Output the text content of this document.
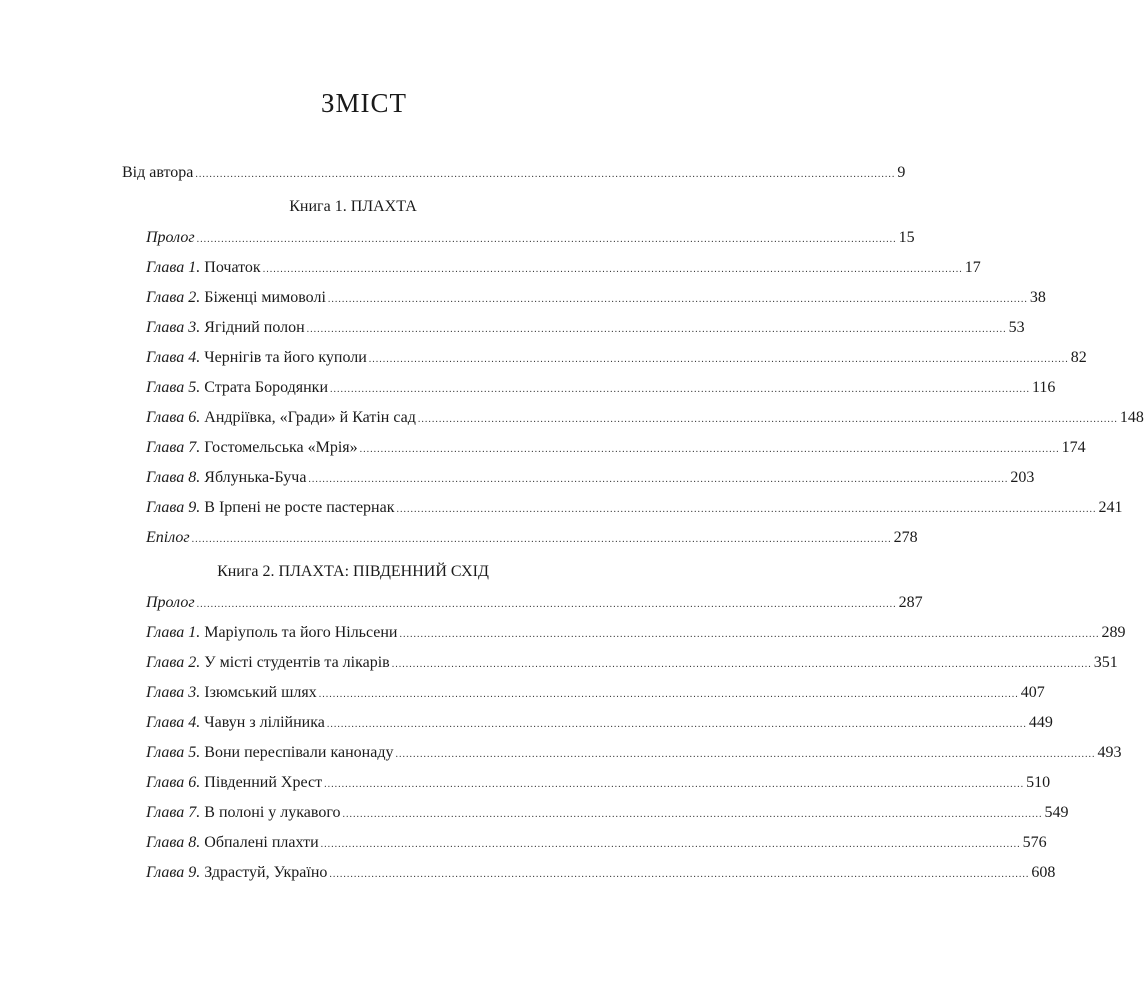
ЗМІСТ
Від автора ........................................................................................................................................................................................................ 9
Книга 1. ПЛАХТА
Пролог ........................................................................................................................................................................................................ 15
Глава 1. Початок ........................................................................................................................................................................................................ 17
Глава 2. Біженці мимоволі ........................................................................................................................................................................................................ 38
Глава 3. Ягідний полон ........................................................................................................................................................................................................ 53
Глава 4. Чернігів та його куполи ........................................................................................................................................................................................................ 82
Глава 5. Страта Бородянки ........................................................................................................................................................................................................ 116
Глава 6. Андріївка, «Гради» й Катін сад ........................................................................................................................................................................................................ 148
Глава 7. Гостомельська «Мрія» ........................................................................................................................................................................................................ 174
Глава 8. Яблунька-Буча ........................................................................................................................................................................................................ 203
Глава 9. В Ірпені не росте пастернак ........................................................................................................................................................................................................ 241
Епілог ........................................................................................................................................................................................................ 278
Книга 2. ПЛАХТА: ПІВДЕННИЙ СХІД
Пролог ........................................................................................................................................................................................................ 287
Глава 1. Маріуполь та його Нільсени ........................................................................................................................................................................................................ 289
Глава 2. У місті студентів та лікарів ........................................................................................................................................................................................................ 351
Глава 3. Ізюмський шлях ........................................................................................................................................................................................................ 407
Глава 4. Чавун з лілійника ........................................................................................................................................................................................................ 449
Глава 5. Вони переспівали канонаду ........................................................................................................................................................................................................ 493
Глава 6. Південний Хрест ........................................................................................................................................................................................................ 510
Глава 7. В полоні у лукавого ........................................................................................................................................................................................................ 549
Глава 8. Обпалені плахти ........................................................................................................................................................................................................ 576
Глава 9. Здрастуй, Україно ........................................................................................................................................................................................................ 608
